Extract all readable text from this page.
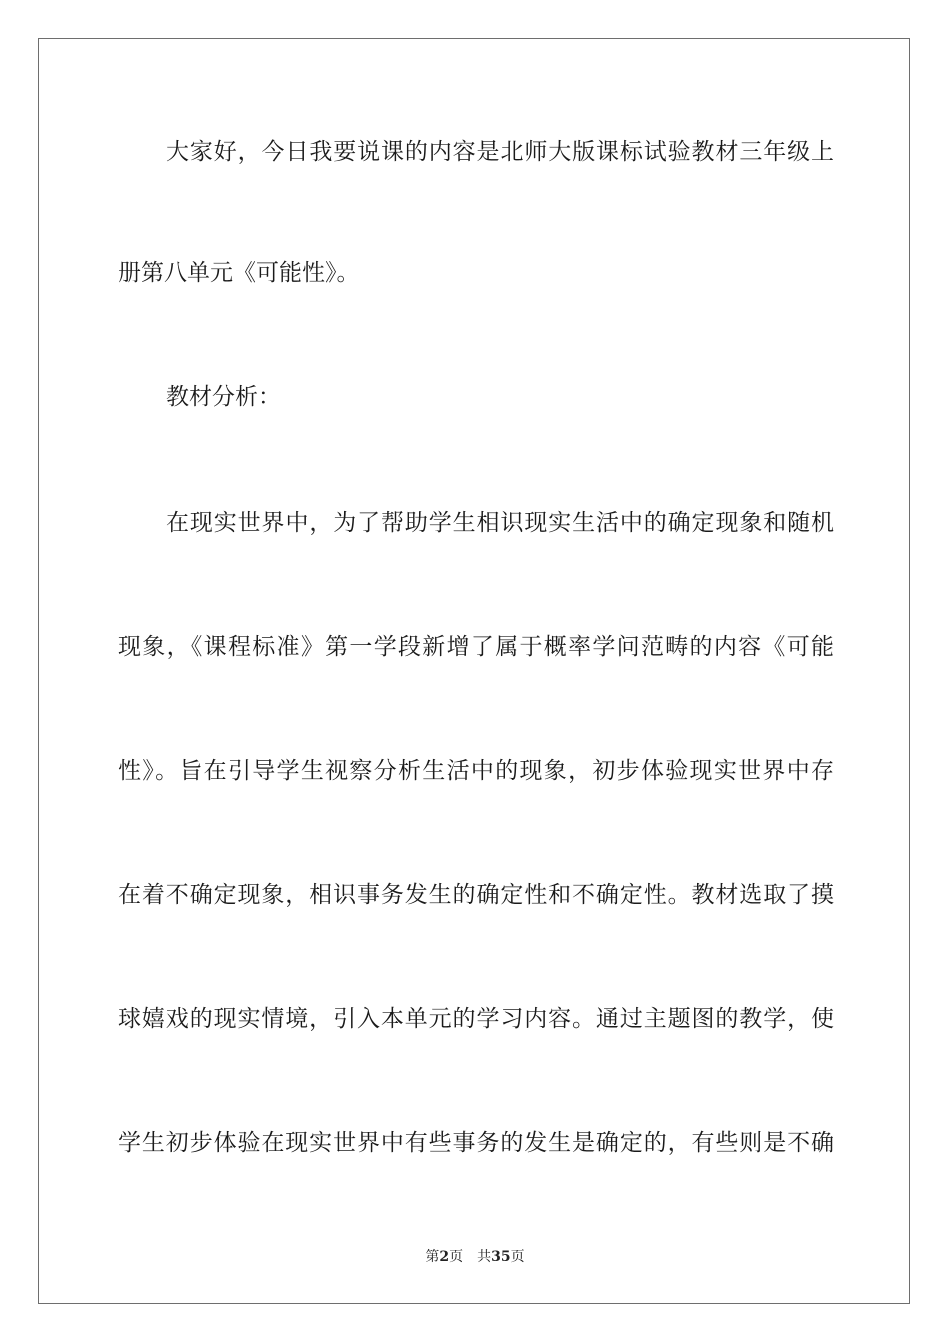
大家好，今日我要说课的内容是北师大版课标试验教材三年级上
册第八单元《可能性》。
教材分析：
在现实世界中，为了帮助学生相识现实生活中的确定现象和随机
现象，《课程标准》第一学段新增了属于概率学问范畴的内容《可能
性》。旨在引导学生视察分析生活中的现象，初步体验现实世界中存
在着不确定现象，相识事务发生的确定性和不确定性。教材选取了摸
球嬉戏的现实情境，引入本单元的学习内容。通过主题图的教学，使
学生初步体验在现实世界中有些事务的发生是确定的，有些则是不确
第2页 共35页
